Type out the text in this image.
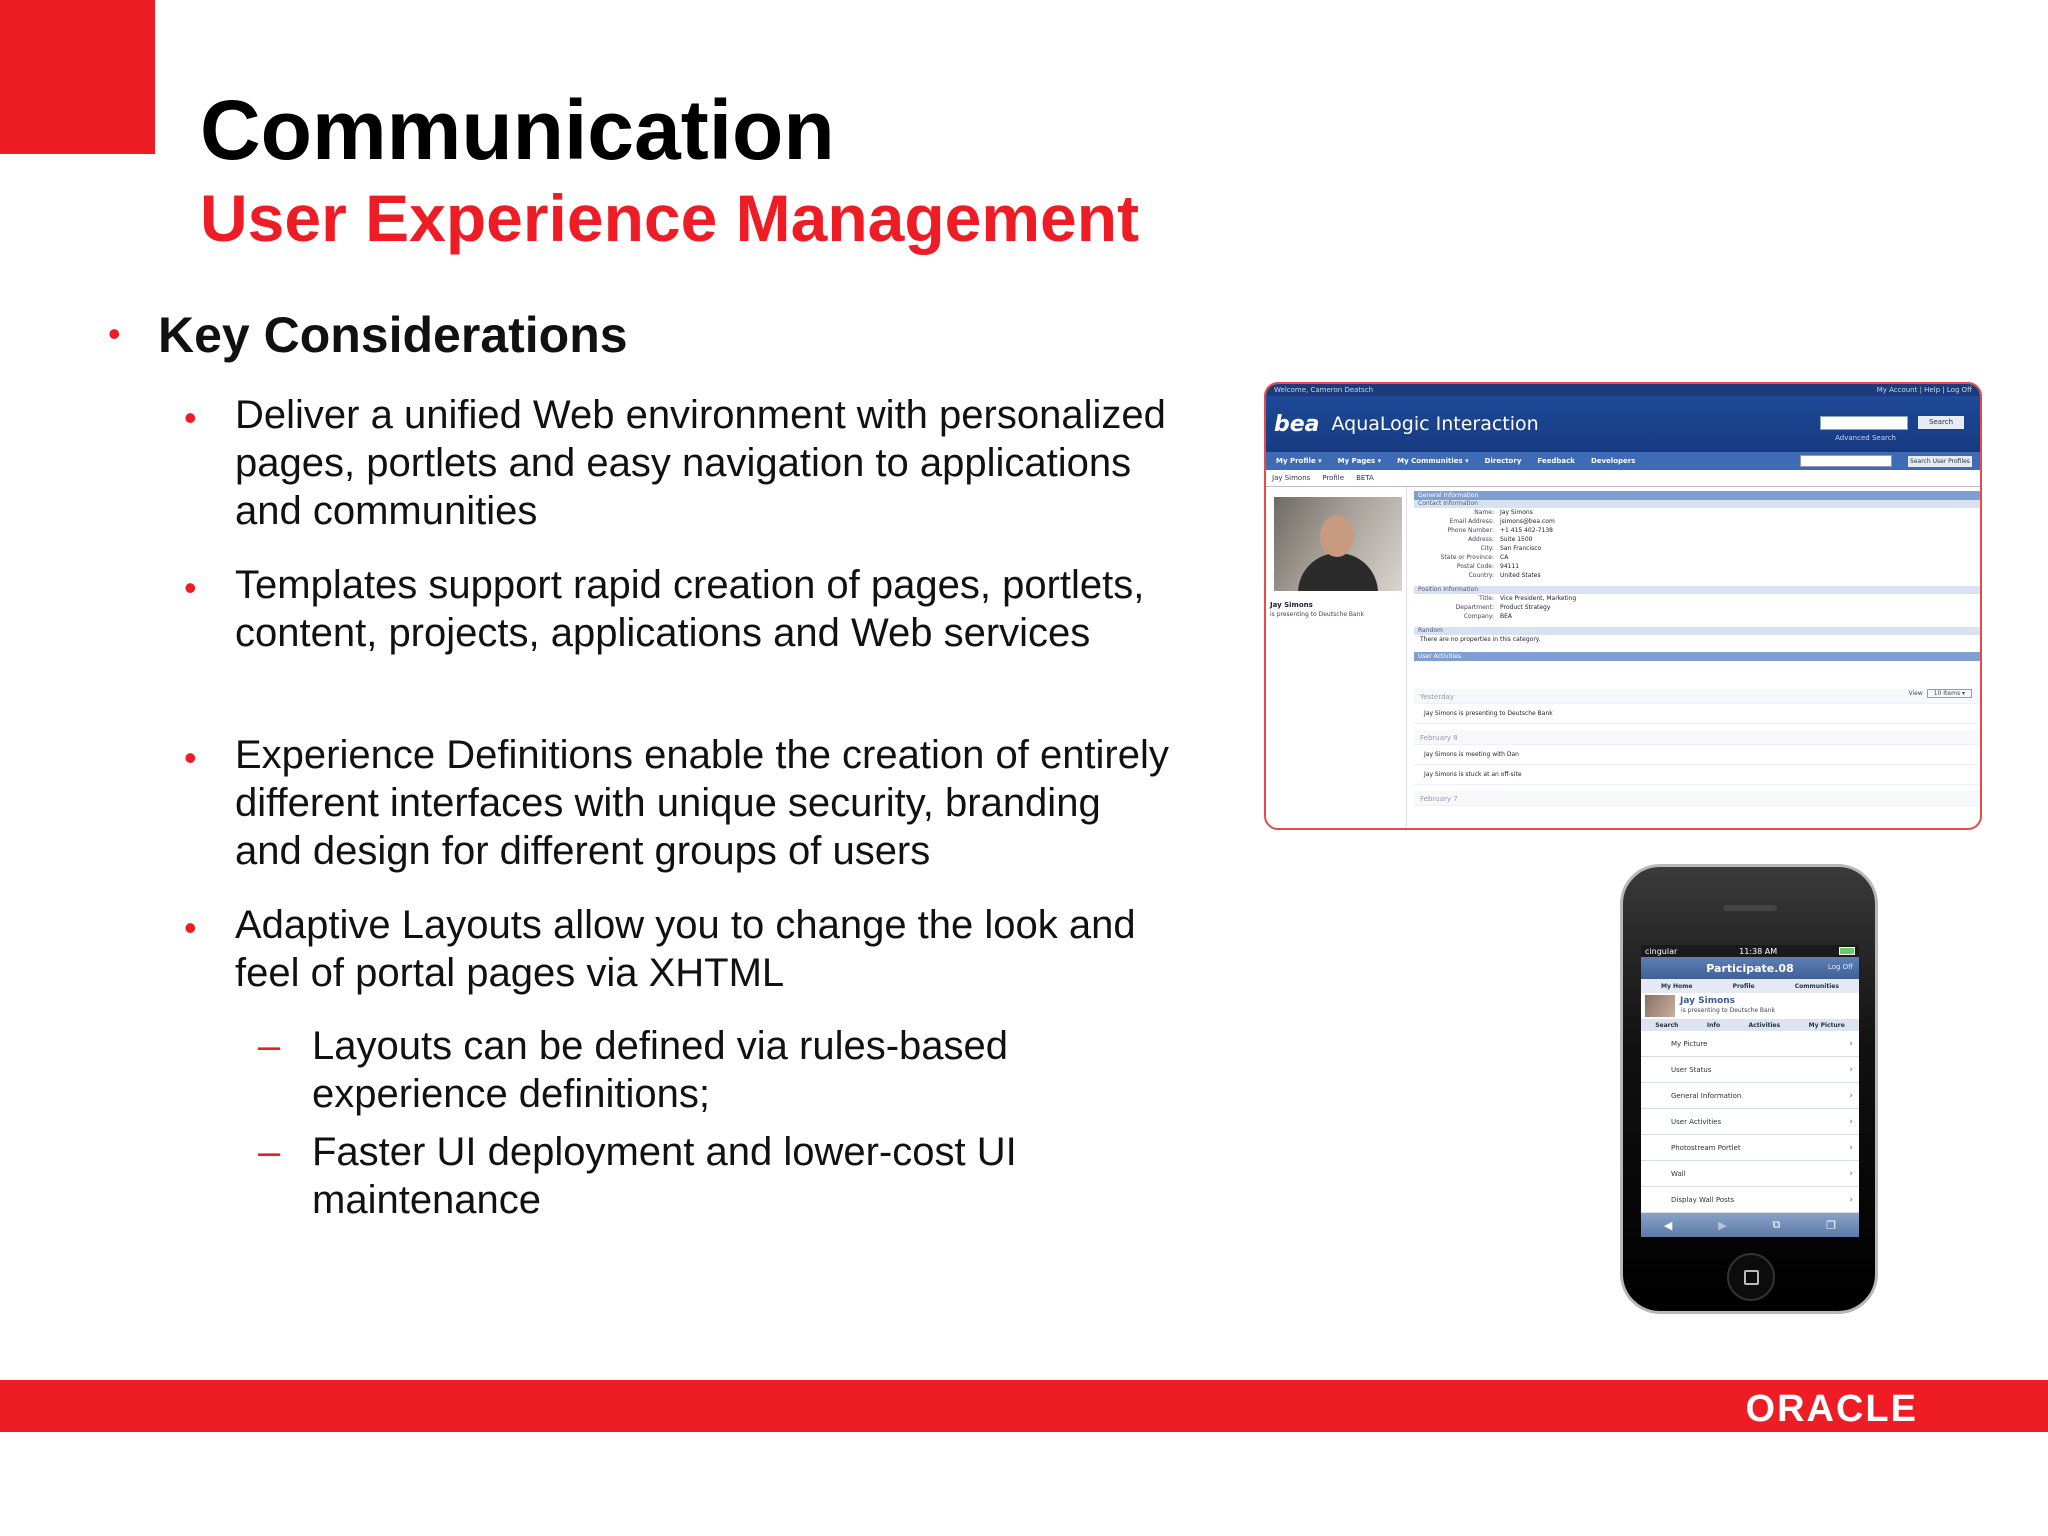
Communication
User Experience Management
• Key Considerations
• Deliver a unified Web environment with personalized pages, portlets and easy navigation to applications and communities
• Templates support rapid creation of pages, portlets, content, projects, applications and Web services
• Experience Definitions enable the creation of entirely different interfaces with unique security, branding and design for different groups of users
• Adaptive Layouts allow you to change the look and feel of portal pages via XHTML
– Layouts can be defined via rules-based experience definitions;
– Faster UI deployment and lower-cost UI maintenance
Welcome, Cameron Deatsch	My Account | Help | Log Off
bea AquaLogic Interaction	Search
Advanced Search
My Profile ▾ My Pages ▾ My Communities ▾ Directory Feedback Developers	Search User Profiles
Jay Simons Profile BETA
Jay Simons
is presenting to Deutsche Bank
General Information
Contact Information
Name:	Jay Simons
Email Address:	jsimons@bea.com
Phone Number:	+1 415 402-7138
Address:	Suite 1500
City:	San Francisco
State or Province:	CA
Postal Code:	94111
Country:	United States
Position Information
Title:	Vice President, Marketing
Department:	Product Strategy
Company:	BEA
Random
There are no properties in this category.
User Activities
Yesterday
Jay Simons is presenting to Deutsche Bank
February 8
Jay Simons is meeting with Dan
Jay Simons is stuck at an off-site
February 7
View	10 Items ▾
cingular	11:38 AM
Participate.08	Log Off
My Home	Profile	Communities
Jay Simons
is presenting to Deutsche Bank
Search	Info	Activities	My Picture
My Picture	›
User Status	›
General Information	›
User Activities	›
Photostream Portlet	›
Wall	›
Display Wall Posts	›
◀	▶	⧉	❐
ORACLE
